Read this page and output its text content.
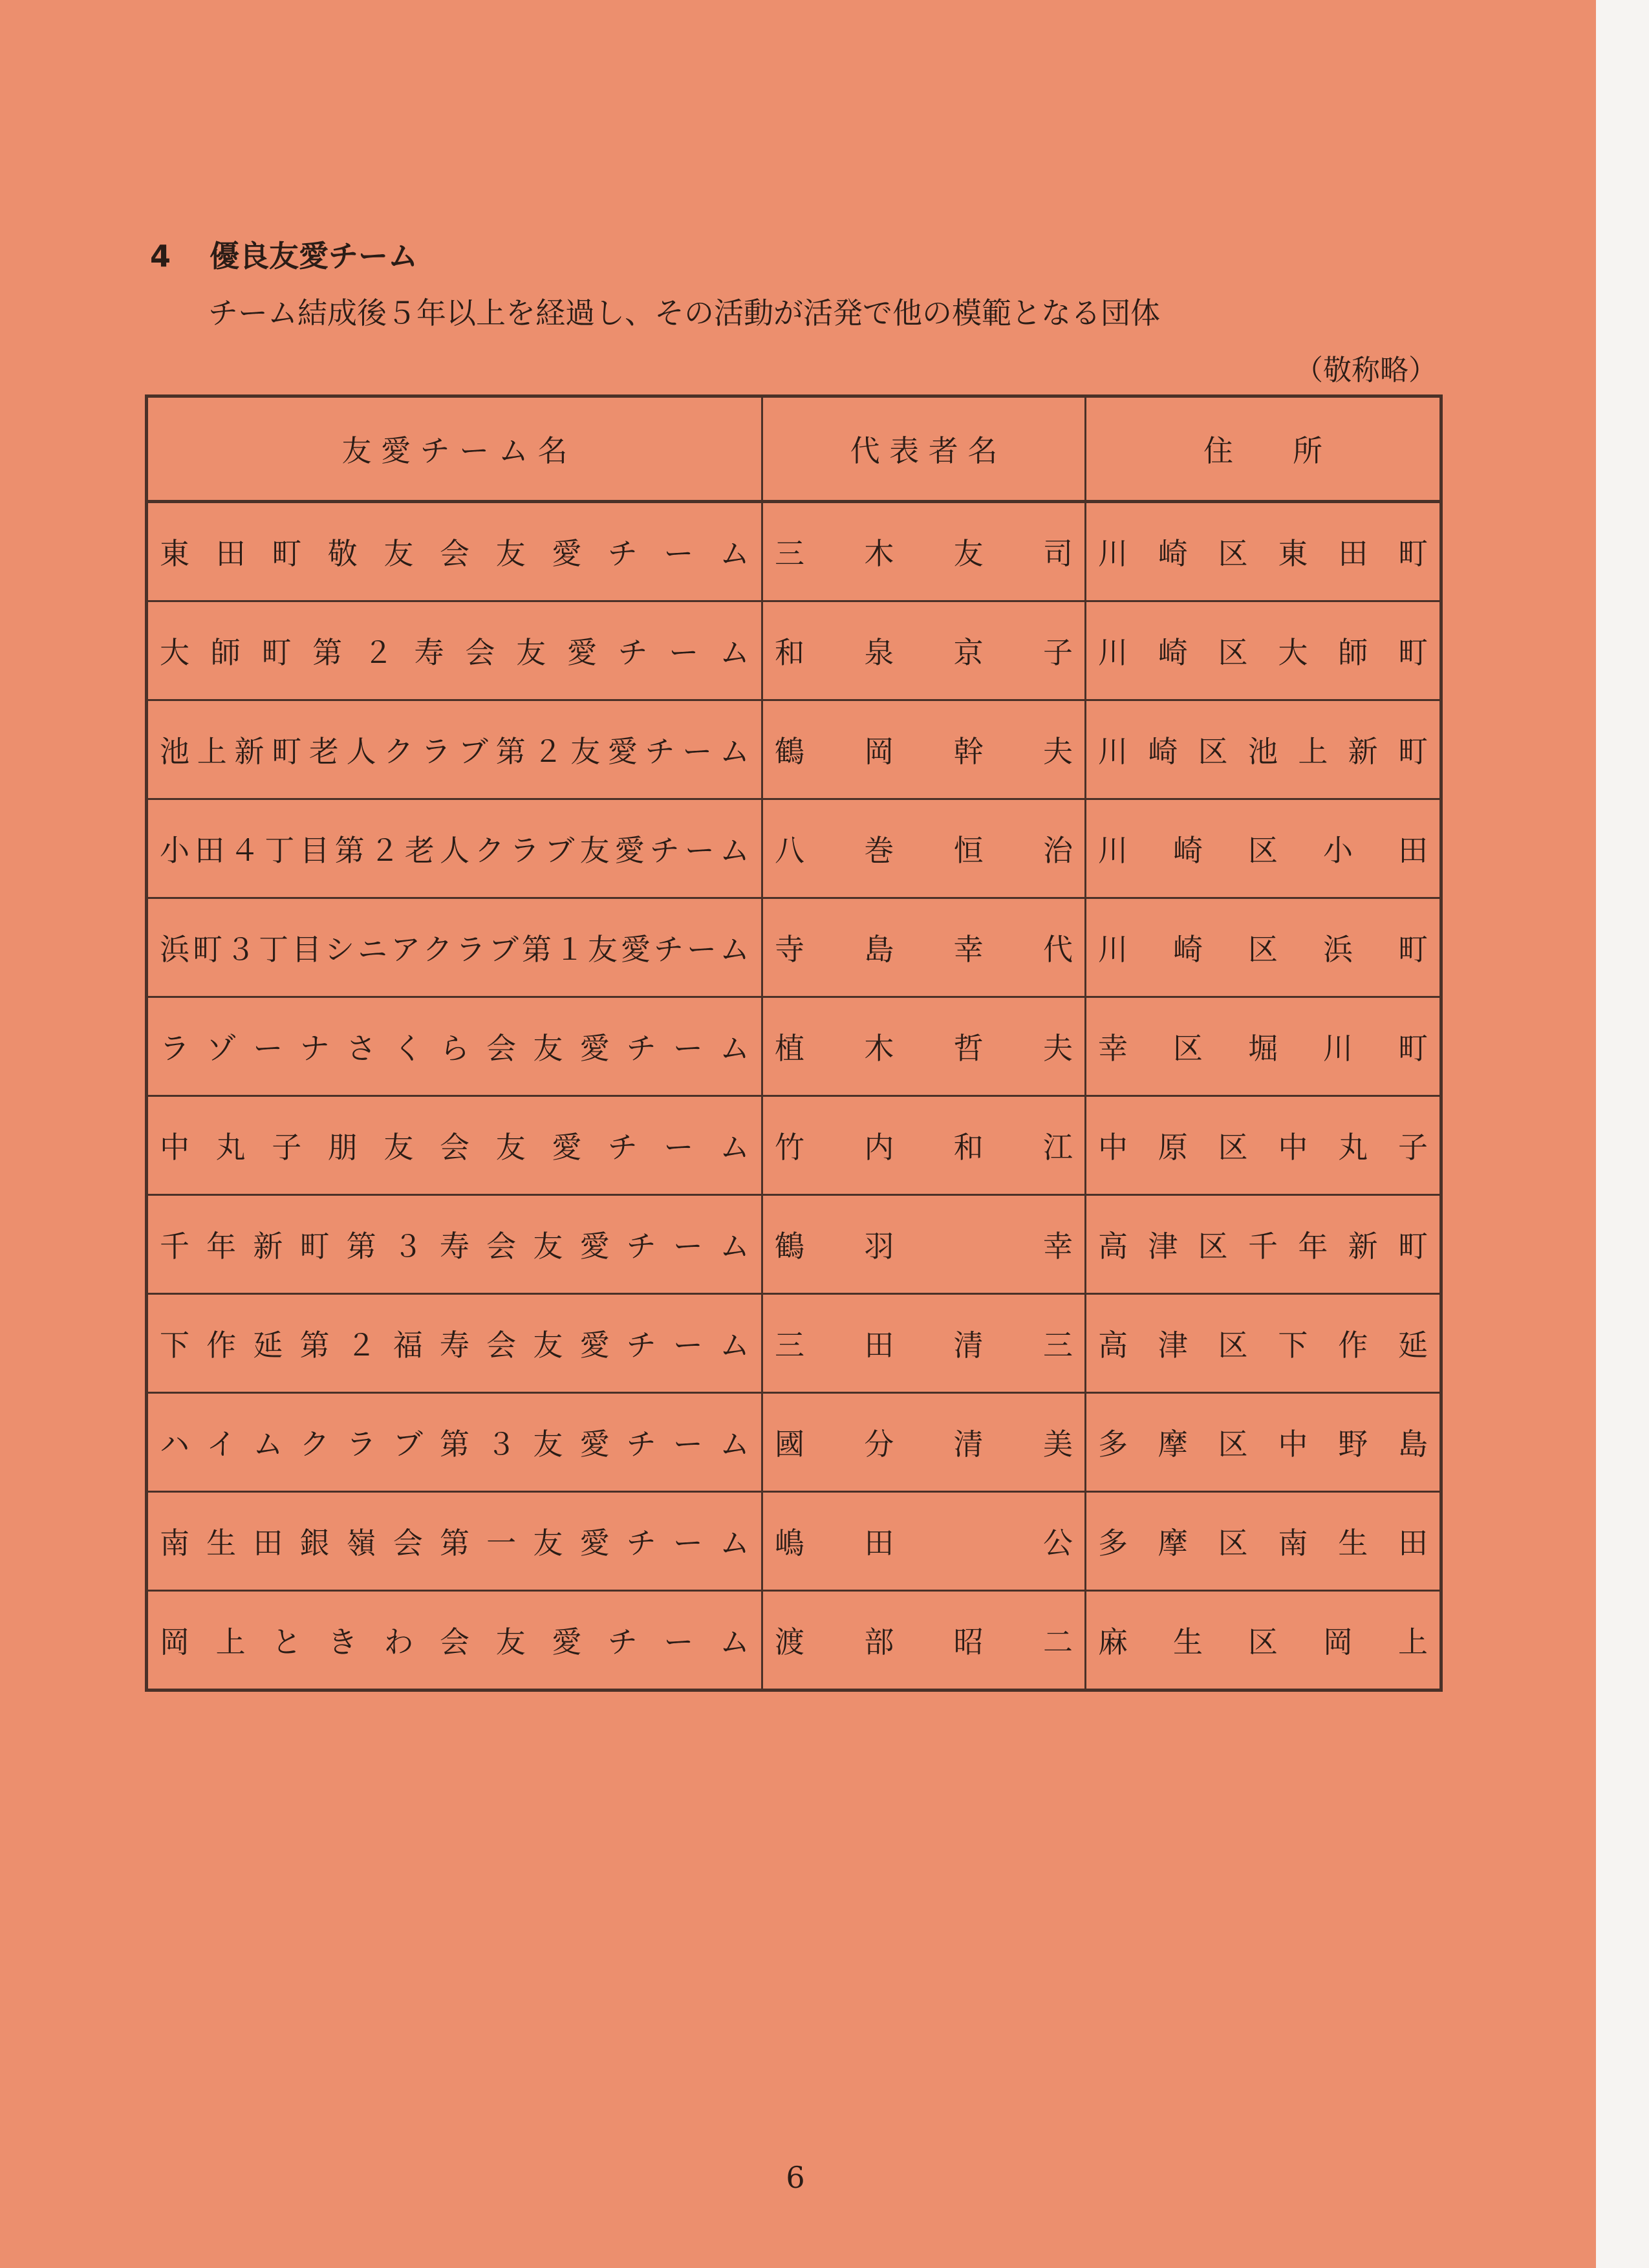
4 優良友愛チーム
チーム結成後５年以上を経過し、その活動が活発で他の模範となる団体
（敬称略）
友 愛 チ ー ム 名	代 表 者 名	住　　所
東田町敬友会友愛チーム	三木友司	川崎区東田町
大師町第２寿会友愛チーム	和泉京子	川崎区大師町
池上新町老人クラブ第２友愛チーム	鶴岡幹夫	川崎区池上新町
小田４丁目第２老人クラブ友愛チーム	八巻恒治	川崎区小田
浜町３丁目シニアクラブ第１友愛チーム	寺島幸代	川崎区浜町
ラゾーナさくら会友愛チーム	植木哲夫	幸区堀川町
中丸子朋友会友愛チーム	竹内和江	中原区中丸子
千年新町第３寿会友愛チーム	鶴羽　幸	高津区千年新町
下作延第２福寿会友愛チーム	三田清三	高津区下作延
ハイムクラブ第３友愛チーム	國分清美	多摩区中野島
南生田銀嶺会第一友愛チーム	嶋田　公	多摩区南生田
岡上ときわ会友愛チーム	渡部昭二	麻生区岡上
6
